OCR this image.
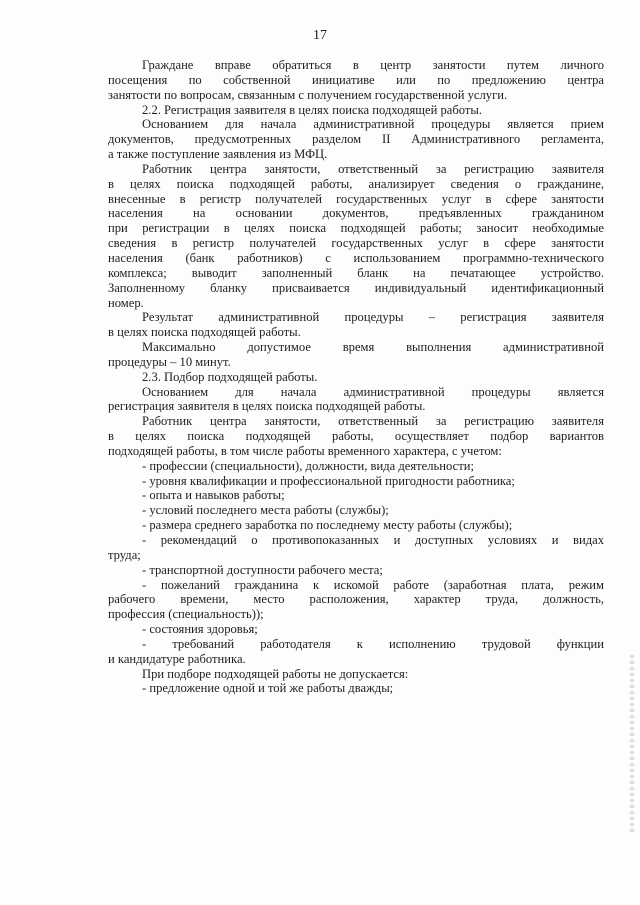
17
Граждане вправе обратиться в центр занятости путем личного
посещения по собственной инициативе или по предложению центра
занятости по вопросам, связанным с получением государственной услуги.
2.2. Регистрация заявителя в целях поиска подходящей работы.
Основанием для начала административной процедуры является прием
документов, предусмотренных разделом II Административного регламента,
а также поступление заявления из МФЦ.
Работник центра занятости, ответственный за регистрацию заявителя
в целях поиска подходящей работы, анализирует сведения о гражданине,
внесенные в регистр получателей государственных услуг в сфере занятости
населения на основании документов, предъявленных гражданином
при регистрации в целях поиска подходящей работы; заносит необходимые
сведения в регистр получателей государственных услуг в сфере занятости
населения (банк работников) с использованием программно-технического
комплекса; выводит заполненный бланк на печатающее устройство.
Заполненному бланку присваивается индивидуальный идентификационный
номер.
Результат административной процедуры – регистрация заявителя
в целях поиска подходящей работы.
Максимально допустимое время выполнения административной
процедуры – 10 минут.
2.3. Подбор подходящей работы.
Основанием для начала административной процедуры является
регистрация заявителя в целях поиска подходящей работы.
Работник центра занятости, ответственный за регистрацию заявителя
в целях поиска подходящей работы, осуществляет подбор вариантов
подходящей работы, в том числе работы временного характера, с учетом:
- профессии (специальности), должности, вида деятельности;
- уровня квалификации и профессиональной пригодности работника;
- опыта и навыков работы;
- условий последнего места работы (службы);
- размера среднего заработка по последнему месту работы (службы);
- рекомендаций о противопоказанных и доступных условиях и видах
труда;
- транспортной доступности рабочего места;
- пожеланий гражданина к искомой работе (заработная плата, режим
рабочего времени, место расположения, характер труда, должность,
профессия (специальность));
- состояния здоровья;
- требований работодателя к исполнению трудовой функции
и кандидатуре работника.
При подборе подходящей работы не допускается:
- предложение одной и той же работы дважды;
